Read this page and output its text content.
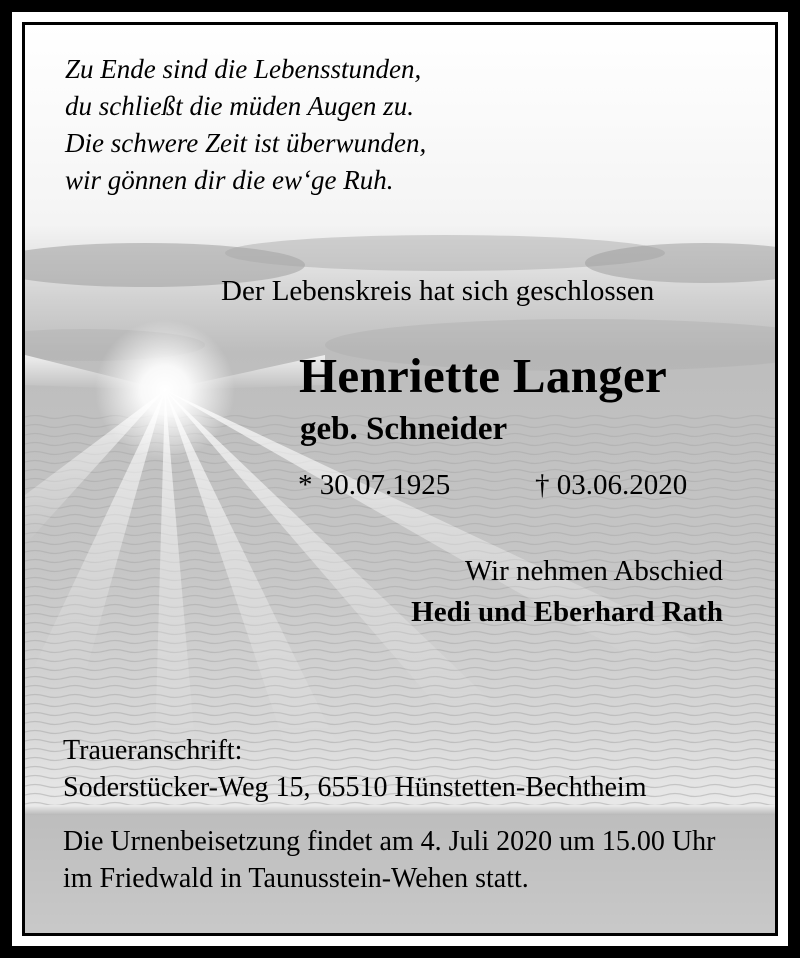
Zu Ende sind die Lebensstunden,
du schließt die müden Augen zu.
Die schwere Zeit ist überwunden,
wir gönnen dir die ew‘ge Ruh.
Der Lebenskreis hat sich geschlossen
Henriette Langer
geb. Schneider
* 30.07.1925	† 03.06.2020
Wir nehmen Abschied
Hedi und Eberhard Rath
Traueranschrift:
Soderstücker-Weg 15, 65510 Hünstetten-Bechtheim
Die Urnenbeisetzung findet am 4. Juli 2020 um 15.00 Uhr
im Friedwald in Taunusstein-Wehen statt.
